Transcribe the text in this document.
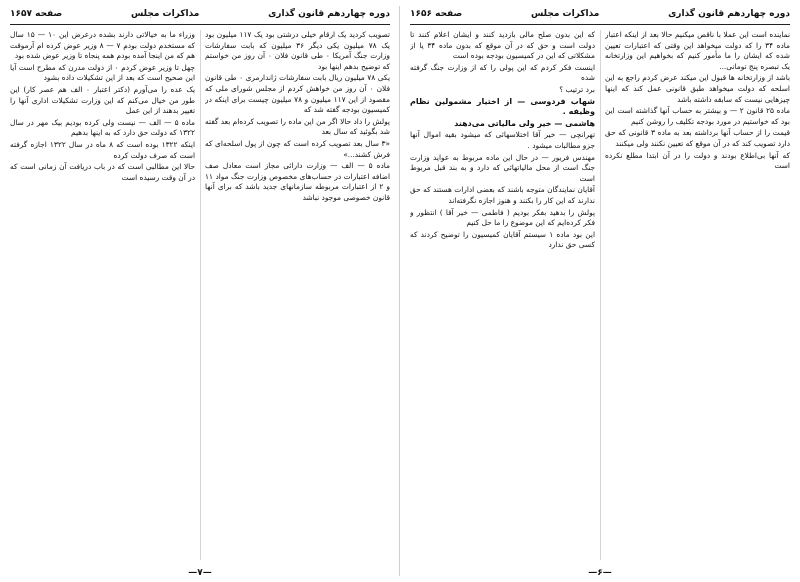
دوره چهاردهم قانون گذاری
مذاکرات مجلس
صفحه ۱۶۵۷

تصویب کردید یک ارقام خیلی درشتی بود یک ۱۱۷ میلیون بود یک ۷۸ میلیون یکی دیگر ۳۶ میلیون که بابت سفارشات وزارت جنگ آمریکا ۰ طی قانون فلان ۰ آن روز من خواستم که توضیح بدهم اینها بود

یکی ۷۸ میلیون ریال بابت سفارشات ژاندارمری ۰ طی قانون فلان ۰ آن روز من خواهش کردم از مجلس شورای ملی که مقصود از این ۱۱۷ میلیون و ۷۸ میلیون چیست برای اینکه در کمیسیون بودجه گفته شد که

پولش را داد حالا اگر من این ماده را تصویب کرده‌ام بعد گفته شد بگوئید که سال بعد

«۳ سال بعد تصویب کرده است که چون از پول اسلحه‌ای که فرش کشند...»

ماده ۵ — الف — وزارت دارائی مجاز است معادل صف اضافه اعتبارات در حساب‌های مخصوص وزارت جنگ مواد ۱۱ و ۲ از اعتبارات مربوطه سازمانهای جدید باشد که برای آنها قانون خصوصی موجود نباشد

وزراء ما به خیالاتی دارند بشده درعرض این ۱۰ — ۱۵ سال که مستخدم دولت بودم ۷ — ۸ وزیر عوض کرده ام آرموقت هم که من اینجا آمده بودم همه پنجاه تا وزیر عوض شده بود

چهل تا وزیر عوض کردم ۰ از دولت مدرن که مطرح است آیا این صحیح است که بعد از این تشکیلات داده بشود

یک عده را می‌آورم (دکتر اعتبار ۰ الف هم عصر کار) این طور من خیال می‌کنم که این وزارت تشکیلات اداری آنها را تغییر بدهند از این عمل

ماده ۵ — الف — نیست ولی کرده بودیم بیک مهر در سال ۱۳۲۲ که دولت حق دارد که به اینها بدهیم

اینکه ۱۳۲۲ بوده است که ۸ ماه در سال ۱۳۲۲ اجازه گرفته است که صرف دولت کرده

حالا این مطالبی است که در باب دریافت آن زمانی است که در آن وقت رسیده است

—۷—
دوره چهاردهم قانون گذاری
مذاکرات مجلس
صفحه ۱۶۵۶

نماینده است این عملا با ناقص میکنیم حالا بعد از اینکه اعتبار ماده ۳۴ را که دولت میخواهد این وقتی که اعتبارات تعیین شده که ایشان را ما مأمور کنیم که بخواهیم این وزارتخانه یک تبصره پنج تومانی...

باشد از وزارتخانه ها قبول این میکند عرض کردم راجع به این اسلحه که دولت میخواهد طبق قانونی عمل کند که اینها چیزهایی نیست که سابقه داشته باشد

ماده ۲۵ قانون ۲ — و بیشتر به حساب آنها گذاشته است این بود که خواستیم در مورد بودجه تکلیف را روشن کنیم

قیمت را از حساب آنها برداشته بعد به ماده ۳ قانونی که حق دارد تصویب کند که در آن موقع که تعیین نکنند ولی میکنند

که آنها بی‌اطلاع بودند و دولت را در آن ابتدا مطلع نکرده است

که این بدون صلح مالی بازدید کنند و ایشان اعلام کنند تا دولت است و حق که در آن موقع که بدون ماده ۳۴ یا از مشکلاتی که این در کمیسیون بودجه بوده است

اینست فکر کردم که این پولی را که از وزارت جنگ گرفته شده

برد ترتیب ؟

شهاب فردوسی — از اختیار مشمولین نظام وظیفه .

هاشمی — خیر ولی مالیاتی می‌دهند

تهرانچی — خیر آقا اختلاسهائی که میشود بقیه اموال آنها جزو مطالبات میشود .

مهندس فریور — در حال این ماده مربوط به عواید وزارت جنگ است از محل مالیاتهائی که دارد و به بند قبل مربوط است

آقایان نمایندگان متوجه باشند که بعضی ادارات هستند که حق ندارند که این کار را بکنند و هنوز اجازه نگرفته‌اند

پولش را بدهید بفکر بودیم ( فاطمی — خیر آقا ) انتظور و فکر کرده‌ایم که این موضوع را ما حل کنیم

این بود ماده ۱ سیستم آقایان کمیسیون را توضیح کردند که کسی حق ندارد

—۶—
